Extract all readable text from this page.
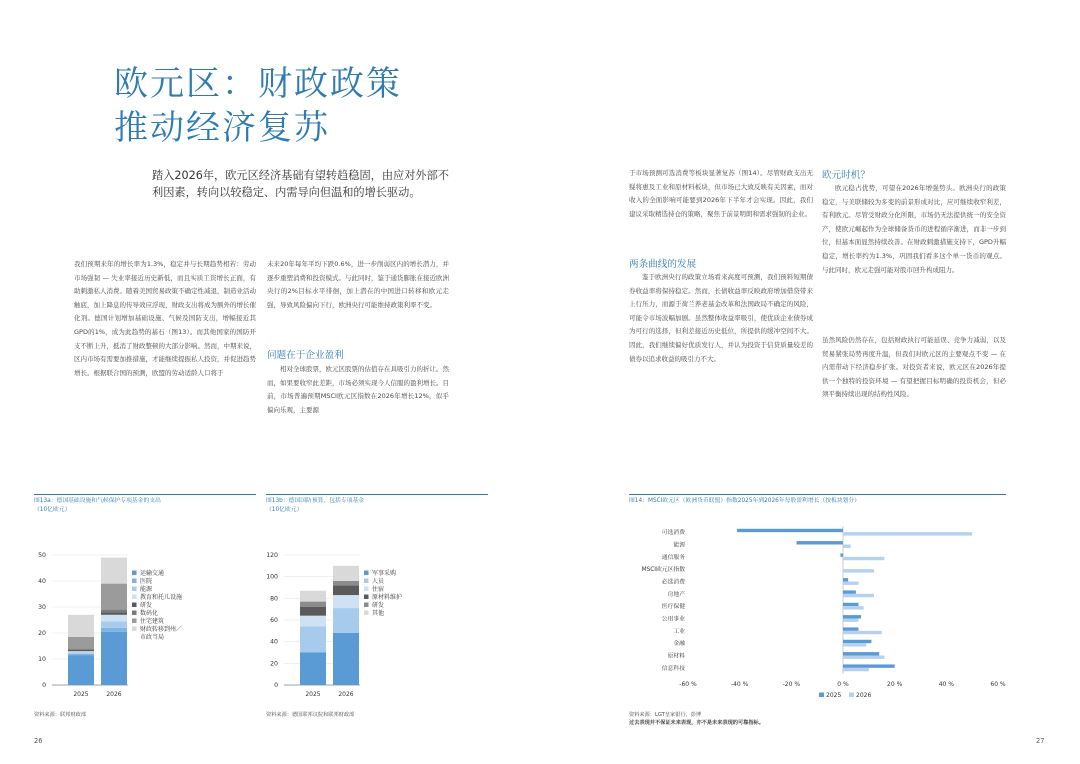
欧元区：财政政策
推动经济复苏
踏入2026年，欧元区经济基础有望转趋稳固，由应对外部不利因素，转向以较稳定、内需导向但温和的增长驱动。
我们预期来年的增长率为1.3%，稳定并与长期趋势相若：劳动市场强韧 — 失业率接近历史新低，而且实质工资增长正面，有助刺激私人消费。随着美国贸易政策不确定性减退，制造业活动触底，加上降息的传导效应浮现，财政支出将成为额外的增长催化剂。德国计划增加基础设施、气候及国防支出，增幅接近其GPD的1%，成为此趋势的基石（图13）。而其他国家的国防开支不断上升，抵消了财政整顿的大部分影响。然而，中期来说，区内市场有需要加推措施，才能继续提振私人投资，并促进趋势增长。根据联合国的预测，欧盟的劳动适龄人口将于
未来20年每年平均下跌0.6%，进一步削弱区内的增长潜力，并逐步重塑消费和投资模式。与此同时，鉴于通货膨胀在接近欧洲央行的2%目标水平徘徊，加上潜在的中国进口转移和欧元走强，导致风险偏向下行，欧洲央行可能维持政策利率不变。
问题在于企业盈利
相对全球股票，欧元区股票的估值存在具吸引力的折让。然而，如果要收窄此差距，市场必须实现今人信服的盈利增长。目前，市场普遍预期MSCI欧元区指数在2026年增长12%，似乎偏向乐观，主要源
图13a：德国基础设施和气候保护专项基金的支出
（10亿欧元）
0
10
20
30
40
50
2025	2026
运输交通
医院
能源
教育和托儿设施
研发
数码化
住宅建筑
财政转移到州／
市政当局
资料来源：联邦财政部
图13b：德国国防预算，包括专项基金
（10亿欧元）
0
20
40
60
80
100
120
2025	2026
军事采购
人员
住宿
原材料维护
研发
其他
资料来源：德国联邦议院和联邦财政部
26
于市场预测可选消费等板块显著复苏（图14）。尽管财政支出无疑将惠及工业和原材料板块，但市场已大致反映有关因素，而对收入的全面影响可能要到2026年下半年才会实现。因此，我们建议采取精选持仓的策略，聚焦于前景明朗和需求强韧的企业。
两条曲线的发展
鉴于欧洲央行的政策立场看来高度可预测，我们预料短期债券收益率将保持稳定。然而，长债收益率反映政府增加借贷带来上行压力，而源于荷兰养老基金改革和法国政局不确定的风险，可能令市场波幅加剧。虽然整体收益率吸引，使优质企业债券成为可行的选择，但利差接近历史低位，所提供的缓冲空间不大。因此，我们继续偏好优质发行人，并认为投资于信贷质量较差的债券以追求收益的吸引力不大。
欧元时机？
欧元稳占优势，可望在2026年增强势头。欧洲央行的政策稳定，与美联储较为多变的前景形成对比，应可继续收窄利差，有利欧元。尽管受财政分化所限，市场仍无法提供统一的安全资产，使欧元崛起作为全球储备货币的进程循序渐进，而非一步到位，但基本面显然持续改善。在财政刺激措施支持下，GPD升幅稳定，增长率约为1.3%，巩固我们看多这个单一货币的观点。与此同时，欧元走强可能对股市回升构成阻力。
虽然风险仍然存在，包括财政执行可能延误、竞争力减弱，以及贸易紧张局势再度升温，但我们对欧元区的主要观点不变 — 在内需带动下经济稳步扩张。对投资者来说，欧元区在2026年提供一个独特的投资环境 — 有望把握目标明确的投资机会，但必须平衡持续出现的结构性风险。
图14：MSCI欧元区（欧洲货币联盟）指数2025年到2026年每股盈利增长（按板块划分）
-60 %	-40 %	-20 %	0 %	20 %	40 %	60 %
可选消费
能源
通信服务
MSCI欧元区指数
必选消费
房地产
医疗保健
公用事业
工业
金融
原材料
信息科技
2025 2026
资料来源：LGT皇家银行，彭博
过去表现并不保证未来表现，亦不是未来表现的可靠指标。
27
